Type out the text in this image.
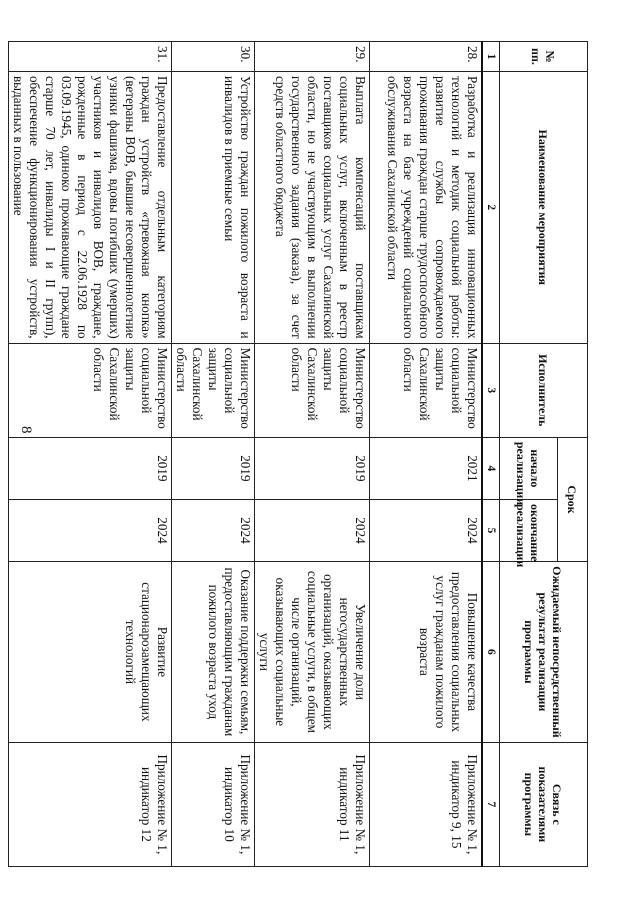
8
№ пп.	Наименование мероприятия	Исполнитель	Срок		Ожидаемый непосредственный результат реализации программы	Связь с показателями программы
			начало реализации	окончание реализации		
1	2	3	4	5	6	7
28.	Разработка и реализация инновационных технологий и методик социальной работы: развитие службы сопровождаемого проживания граждан старше трудоспособного возраста на базе учреждений социального обслуживания Сахалинской области	Министерство социальной защиты Сахалинской области	2021	2024	Повышение качества предоставления социальных услуг гражданам пожилого возраста	Приложение № 1, индикатор 9, 15
29.	Выплата компенсаций поставщикам социальных услуг, включенным в реестр поставщиков социальных услуг Сахалинской области, но не участвующим в выполнении государственного задания (заказа), за счет средств областного бюджета	Министерство социальной защиты Сахалинской области	2019	2024	Увеличение доли негосударственных организаций, оказывающих социальные услуги, в общем числе организаций, оказывающих социальные услуги	Приложение № 1, индикатор 11
30.	Устройство граждан пожилого возраста и инвалидов в приемные семьи	Министерство социальной защиты Сахалинской области	2019	2024	Оказание поддержки семьям, предоставляющим гражданам пожилого возраста уход	Приложение № 1, индикатор 10
31.	Предоставление отдельным категориям граждан устройств «тревожная кнопка» (ветераны ВОВ, бывшие несовершеннолетние узники фашизма, вдовы погибших (умерших) участников и инвалидов ВОВ, граждане, рожденные в период с 22.06.1928 по 03.09.1945, одиноко проживающие граждане старше 70 лет, инвалиды I и II групп), обеспечение функционирования устройств, выданных в пользование	Министерство социальной защиты Сахалинской области	2019	2024	Развитие стационарозамещающих технологий	Приложение № 1, индикатор 12
